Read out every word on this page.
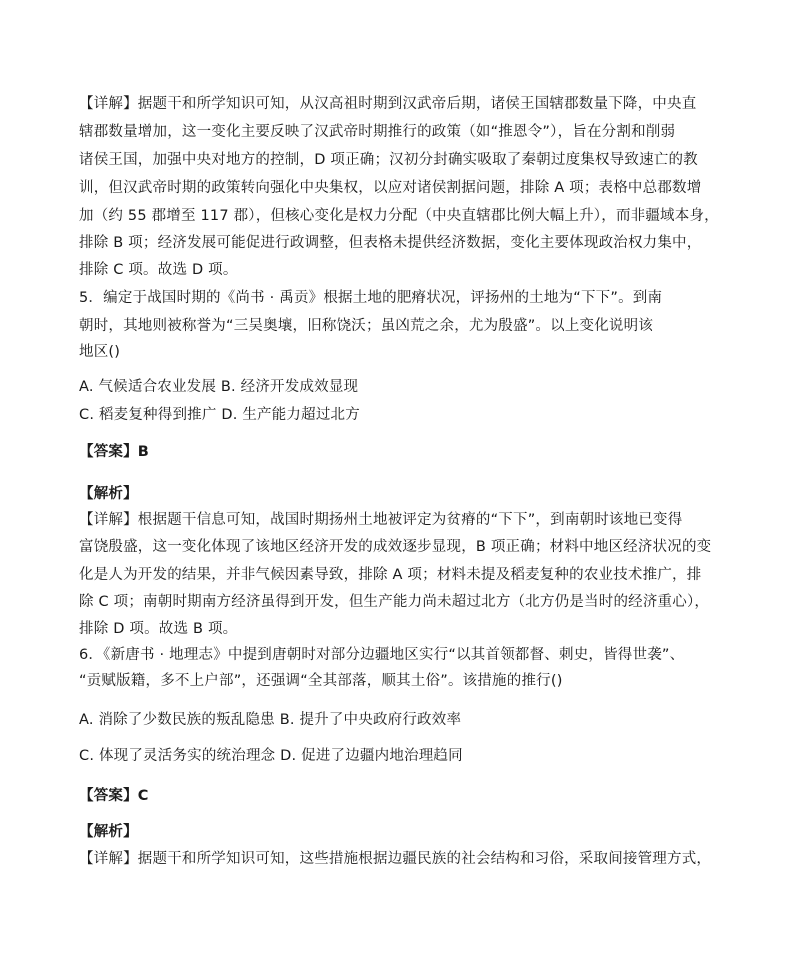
【详解】据题干和所学知识可知，从汉高祖时期到汉武帝后期，诸侯王国辖郡数量下降，中央直
辖郡数量增加，这一变化主要反映了汉武帝时期推行的政策（如“推恩令”），旨在分割和削弱
诸侯王国，加强中央对地方的控制，D 项正确；汉初分封确实吸取了秦朝过度集权导致速亡的教
训，但汉武帝时期的政策转向强化中央集权，以应对诸侯割据问题，排除 A 项；表格中总郡数增
加（约 55 郡增至 117 郡），但核心变化是权力分配（中央直辖郡比例大幅上升），而非疆域本身，
排除 B 项；经济发展可能促进行政调整，但表格未提供经济数据，变化主要体现政治权力集中，
排除 C 项。故选 D 项。
5．编定于战国时期的《尚书 · 禹贡》根据土地的肥瘠状况，评扬州的土地为“下下”。到南
朝时，其地则被称誉为“三吴奥壤，旧称饶沃；虽凶荒之余，尤为殷盛”。以上变化说明该
地区()
A. 气候适合农业发展 B. 经济开发成效显现
C. 稻麦复种得到推广 D. 生产能力超过北方
【答案】B
【解析】
【详解】根据题干信息可知，战国时期扬州土地被评定为贫瘠的“下下”，到南朝时该地已变得
富饶殷盛，这一变化体现了该地区经济开发的成效逐步显现，B 项正确；材料中地区经济状况的变
化是人为开发的结果，并非气候因素导致，排除 A 项；材料未提及稻麦复种的农业技术推广，排
除 C 项；南朝时期南方经济虽得到开发，但生产能力尚未超过北方（北方仍是当时的经济重心），
排除 D 项。故选 B 项。
6．《新唐书 · 地理志》中提到唐朝时对部分边疆地区实行“以其首领都督、刺史，皆得世袭”、
“贡赋版籍，多不上户部”，还强调“全其部落，顺其土俗”。该措施的推行()
A. 消除了少数民族的叛乱隐患 B. 提升了中央政府行政效率
C. 体现了灵活务实的统治理念 D. 促进了边疆内地治理趋同
【答案】C
【解析】
【详解】据题干和所学知识可知，这些措施根据边疆民族的社会结构和习俗，采取间接管理方式，
